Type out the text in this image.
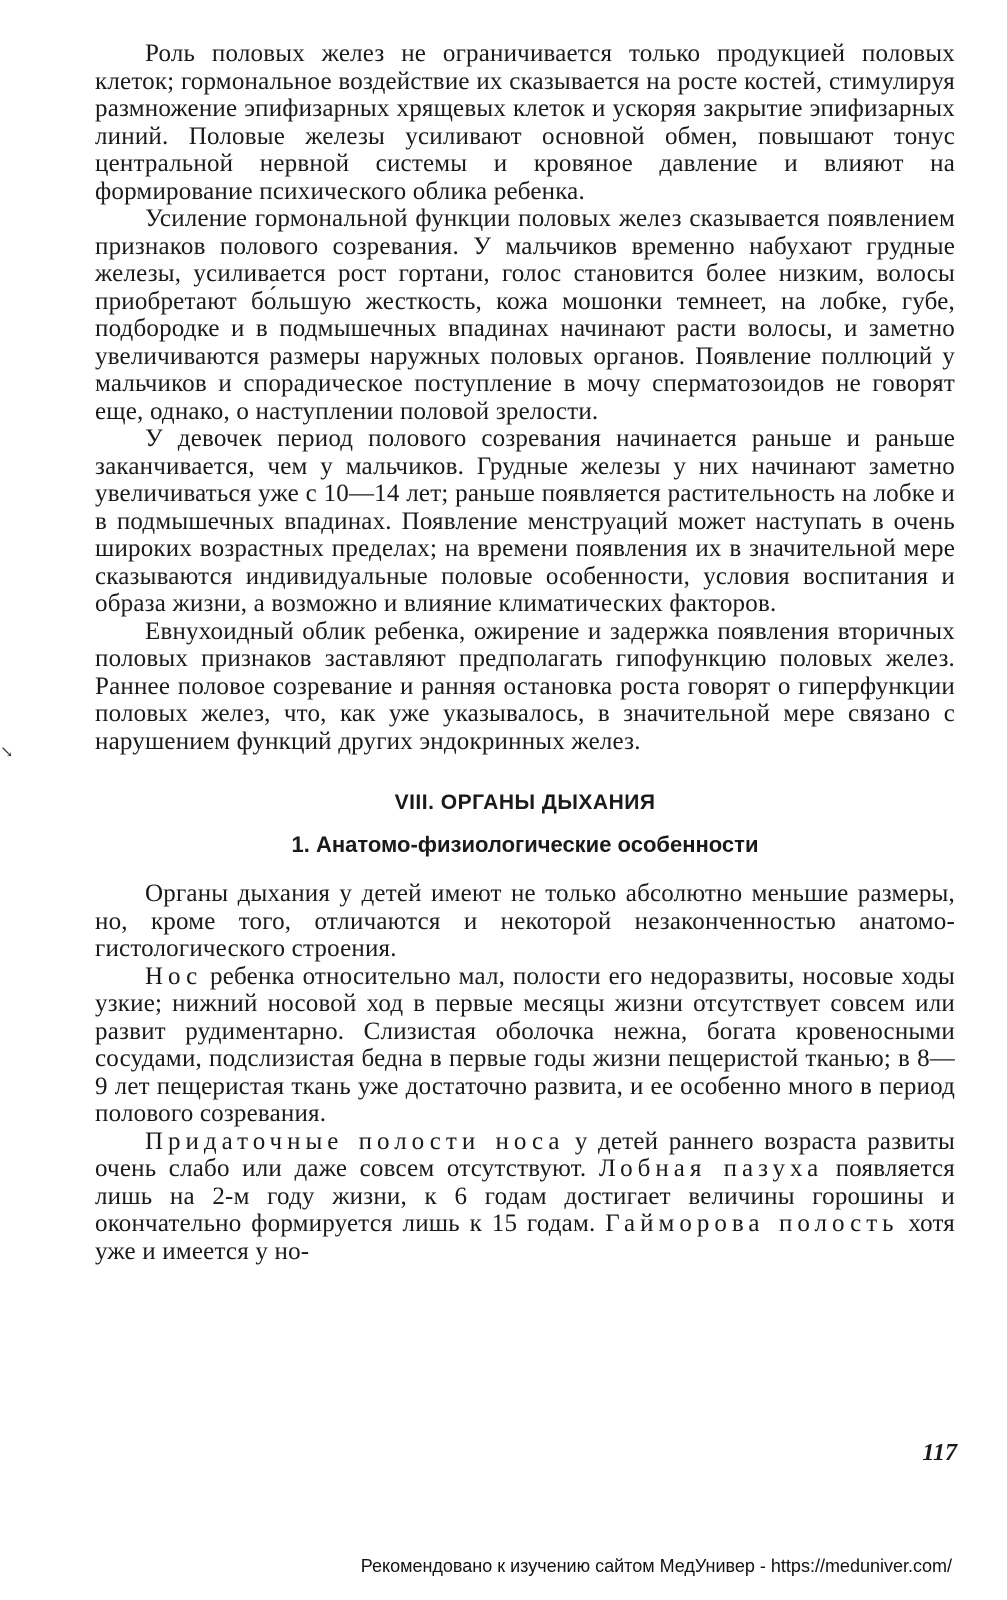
Роль половых желез не ограничивается только продукцией половых клеток; гормональное воздействие их сказывается на росте костей, стимулируя размножение эпифизарных хрящевых клеток и ускоряя закрытие эпифизарных линий. Половые железы усиливают основной обмен, повышают тонус центральной нервной системы и кровяное давление и влияют на формирование психического облика ребенка.

Усиление гормональной функции половых желез сказывается появлением признаков полового созревания. У мальчиков временно набухают грудные железы, усиливается рост гортани, голос становится более низким, волосы приобретают бо́льшую жесткость, кожа мошонки темнеет, на лобке, губе, подбородке и в подмышечных впадинах начинают расти волосы, и заметно увеличиваются размеры наружных половых органов. Появление поллюций у мальчиков и спорадическое поступление в мочу сперматозоидов не говорят еще, однако, о наступлении половой зрелости.

У девочек период полового созревания начинается раньше и раньше заканчивается, чем у мальчиков. Грудные железы у них начинают заметно увеличиваться уже с 10—14 лет; раньше появляется растительность на лобке и в подмышечных впадинах. Появление менструаций может наступать в очень широких возрастных пределах; на времени появления их в значительной мере сказываются индивидуальные половые особенности, условия воспитания и образа жизни, а возможно и влияние климатических факторов.

Евнухоидный облик ребенка, ожирение и задержка появления вторичных половых признаков заставляют предполагать гипофункцию половых желез. Раннее половое созревание и ранняя остановка роста говорят о гиперфункции половых желез, что, как уже указывалось, в значительной мере связано с нарушением функций других эндокринных желез.

VIII. ОРГАНЫ ДЫХАНИЯ
1. Анатомо-физиологические особенности

Органы дыхания у детей имеют не только абсолютно меньшие размеры, но, кроме того, отличаются и некоторой незаконченностью анатомо-гистологического строения.

Нос ребенка относительно мал, полости его недоразвиты, носовые ходы узкие; нижний носовой ход в первые месяцы жизни отсутствует совсем или развит рудиментарно. Слизистая оболочка нежна, богата кровеносными сосудами, подслизистая бедна в первые годы жизни пещеристой тканью; в 8—9 лет пещеристая ткань уже достаточно развита, и ее особенно много в период полового созревания.

Придаточные полости носа у детей раннего возраста развиты очень слабо или даже совсем отсутствуют. Лобная пазуха появляется лишь на 2-м году жизни, к 6 годам достигает величины горошины и окончательно формируется лишь к 15 годам. Гайморова полость хотя уже и имеется у но-

↘
117
Рекомендовано к изучению сайтом МедУнивер - https://meduniver.com/
